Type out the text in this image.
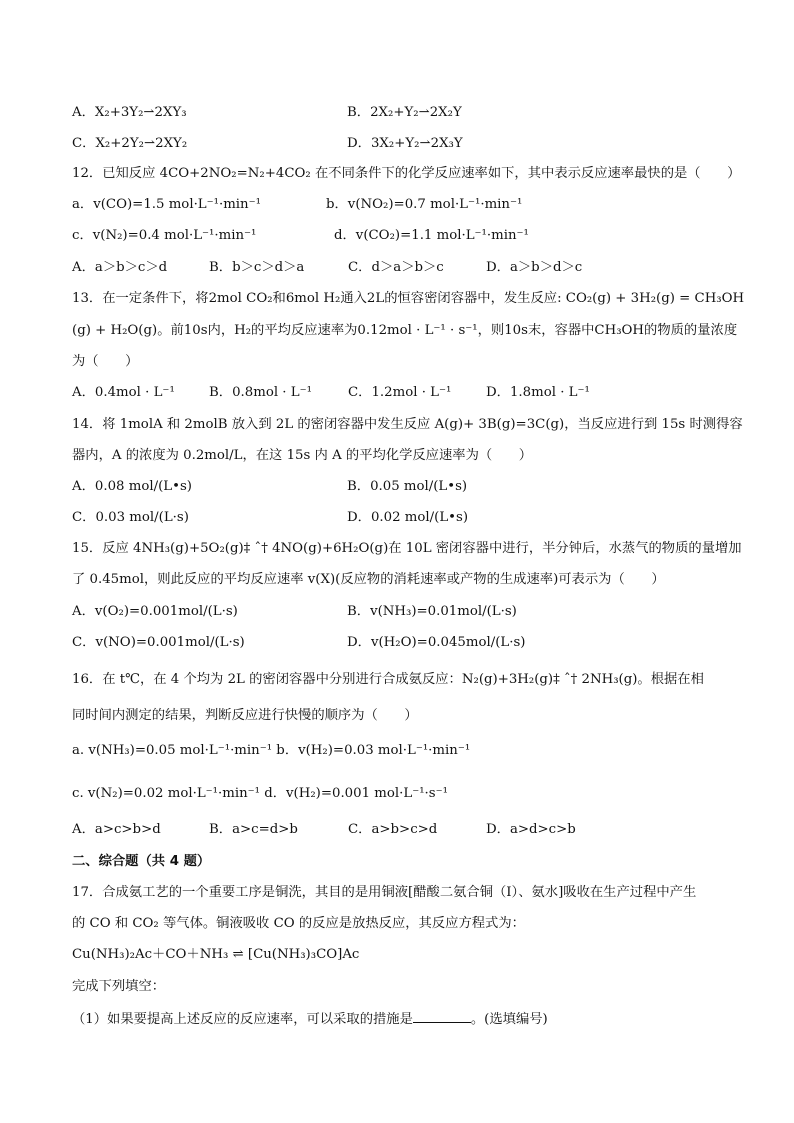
A．X₂+3Y₂⇀2XY₃	B．2X₂+Y₂⇀2X₂Y
C．X₂+2Y₂⇀2XY₂	D．3X₂+Y₂⇀2X₃Y
12．已知反应 4CO+2NO₂=N₂+4CO₂ 在不同条件下的化学反应速率如下，其中表示反应速率最快的是（　　）
a．v(CO)=1.5 mol·L⁻¹·min⁻¹	b．v(NO₂)=0.7 mol·L⁻¹·min⁻¹
c．v(N₂)=0.4 mol·L⁻¹·min⁻¹	d．v(CO₂)=1.1 mol·L⁻¹·min⁻¹
A．a＞b＞c＞d	B．b＞c＞d＞a	C．d＞a＞b＞c	D．a＞b＞d＞c
13．在一定条件下，将2mol CO₂和6mol H₂通入2L的恒容密闭容器中，发生反应: CO₂(g) + 3H₂(g) = CH₃OH
(g) + H₂O(g)。前10s内，H₂的平均反应速率为0.12mol · L⁻¹ · s⁻¹，则10s末，容器中CH₃OH的物质的量浓度
为（　　）
A．0.4mol · L⁻¹	B．0.8mol · L⁻¹	C．1.2mol · L⁻¹	D．1.8mol · L⁻¹
14．将 1molA 和 2molB 放入到 2L 的密闭容器中发生反应 A(g)+ 3B(g)=3C(g)，当反应进行到 15s 时测得容
器内，A 的浓度为 0.2mol/L，在这 15s 内 A 的平均化学反应速率为（　　）
A．0.08 mol/(L•s)	B．0.05 mol/(L•s)
C．0.03 mol/(L·s)	D．0.02 mol/(L•s)
15．反应 4NH₃(g)+5O₂(g)‡ ˆ† 4NO(g)+6H₂O(g)在 10L 密闭容器中进行，半分钟后，水蒸气的物质的量增加
了 0.45mol，则此反应的平均反应速率 v(X)(反应物的消耗速率或产物的生成速率)可表示为（　　）
A．v(O₂)=0.001mol/(L·s)	B．v(NH₃)=0.01mol/(L·s)
C．v(NO)=0.001mol/(L·s)	D．v(H₂O)=0.045mol/(L·s)
16．在 t℃，在 4 个均为 2L 的密闭容器中分别进行合成氨反应：N₂(g)+3H₂(g)‡ ˆ† 2NH₃(g)。根据在相
同时间内测定的结果，判断反应进行快慢的顺序为（　　）
a. v(NH₃)=0.05 mol·L⁻¹·min⁻¹ b．v(H₂)=0.03 mol·L⁻¹·min⁻¹
c. v(N₂)=0.02 mol·L⁻¹·min⁻¹ d．v(H₂)=0.001 mol·L⁻¹·s⁻¹
A．a>c>b>d	B．a>c=d>b	C．a>b>c>d	D．a>d>c>b
二、综合题（共 4 题）
17．合成氨工艺的一个重要工序是铜洗，其目的是用铜液[醋酸二氨合铜（I）、氨水]吸收在生产过程中产生
的 CO 和 CO₂ 等气体。铜液吸收 CO 的反应是放热反应，其反应方程式为：
Cu(NH₃)₂Ac＋CO＋NH₃ ⇌ [Cu(NH₃)₃CO]Ac
完成下列填空：
（1）如果要提高上述反应的反应速率，可以采取的措施是	。(选填编号)
